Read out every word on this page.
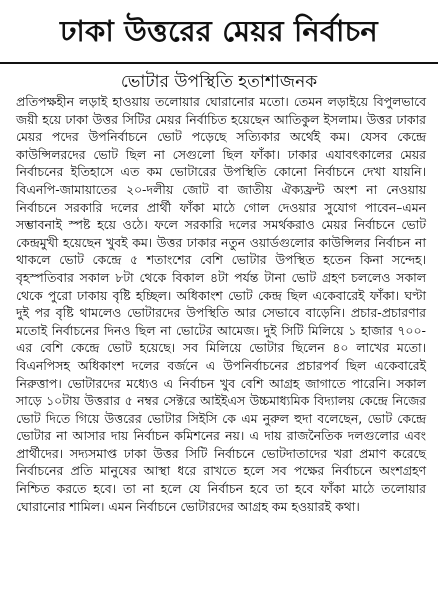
ঢাকা উত্তরের মেয়র নির্বাচন
ভোটার উপস্থিতি হতাশাজনক

প্রতিপক্ষহীন লড়াই হাওয়ায় তলোয়ার ঘোরানোর মতো। তেমন লড়াইয়ে বিপুলভাবে জয়ী হয়ে ঢাকা উত্তর সিটির মেয়র নির্বাচিত হয়েছেন আতিকুল ইসলাম। উত্তর ঢাকার মেয়র পদের উপনির্বাচনে ভোট পড়েছে সত্যিকার অর্থেই কম। যেসব কেন্দ্রে কাউন্সিলরদের ভোট ছিল না সেগুলো ছিল ফাঁকা। ঢাকার এযাবৎকালের মেয়র নির্বাচনের ইতিহাসে এত কম ভোটারের উপস্থিতি কোনো নির্বাচনে দেখা যায়নি। বিএনপি-জামায়াতের ২০-দলীয় জোট বা জাতীয় ঐক্যফ্রন্ট অংশ না নেওয়ায় নির্বাচনে সরকারি দলের প্রার্থী ফাঁকা মাঠে গোল দেওয়ার সুযোগ পাবেন–এমন সম্ভাবনাই স্পষ্ট হয়ে ওঠে। ফলে সরকারি দলের সমর্থকরাও মেয়র নির্বাচনে ভোট কেন্দ্রমুখী হয়েছেন খুবই কম। উত্তর ঢাকার নতুন ওয়ার্ডগুলোর কাউন্সিলর নির্বাচন না থাকলে ভোট কেন্দ্রে ৫ শতাংশের বেশি ভোটার উপস্থিত হতেন কিনা সন্দেহ। বৃহস্পতিবার সকাল ৮টা থেকে বিকাল ৪টা পর্যন্ত টানা ভোট গ্রহণ চললেও সকাল থেকে পুরো ঢাকায় বৃষ্টি হচ্ছিল। অধিকাংশ ভোট কেন্দ্র ছিল একেবারেই ফাঁকা। ঘণ্টা দুই পর বৃষ্টি থামলেও ভোটারদের উপস্থিতি আর সেভাবে বাড়েনি। প্রচার-প্রচারণার মতোই নির্বাচনের দিনও ছিল না ভোটের আমেজ। দুই সিটি মিলিয়ে ১ হাজার ৭০০-এর বেশি কেন্দ্রে ভোট হয়েছে। সব মিলিয়ে ভোটার ছিলেন ৪০ লাখের মতো। বিএনপিসহ অধিকাংশ দলের বর্জনে এ উপনির্বাচনের প্রচারপর্ব ছিল একেবারেই নিরুত্তাপ। ভোটারদের মধ্যেও এ নির্বাচন খুব বেশি আগ্রহ জাগাতে পারেনি। সকাল সাড়ে ১০টায় উত্তরার ৫ নম্বর সেক্টরে আইইএস উচ্চমাধ্যমিক বিদ্যালয় কেন্দ্রে নিজের ভোট দিতে গিয়ে উত্তরের ভোটার সিইসি কে এম নুরুল হুদা বলেছেন, ভোট কেন্দ্রে ভোটার না আসার দায় নির্বাচন কমিশনের নয়। এ দায় রাজনৈতিক দলগুলোর এবং প্রার্থীদের। সদ্যসমাপ্ত ঢাকা উত্তর সিটি নির্বাচনে ভোটদাতাদের খরা প্রমাণ করেছে নির্বাচনের প্রতি মানুষের আস্থা ধরে রাখতে হলে সব পক্ষের নির্বাচনে অংশগ্রহণ নিশ্চিত করতে হবে। তা না হলে যে নির্বাচন হবে তা হবে ফাঁকা মাঠে তলোয়ার ঘোরানোর শামিল। এমন নির্বাচনে ভোটারদের আগ্রহ কম হওয়ারই কথা।
